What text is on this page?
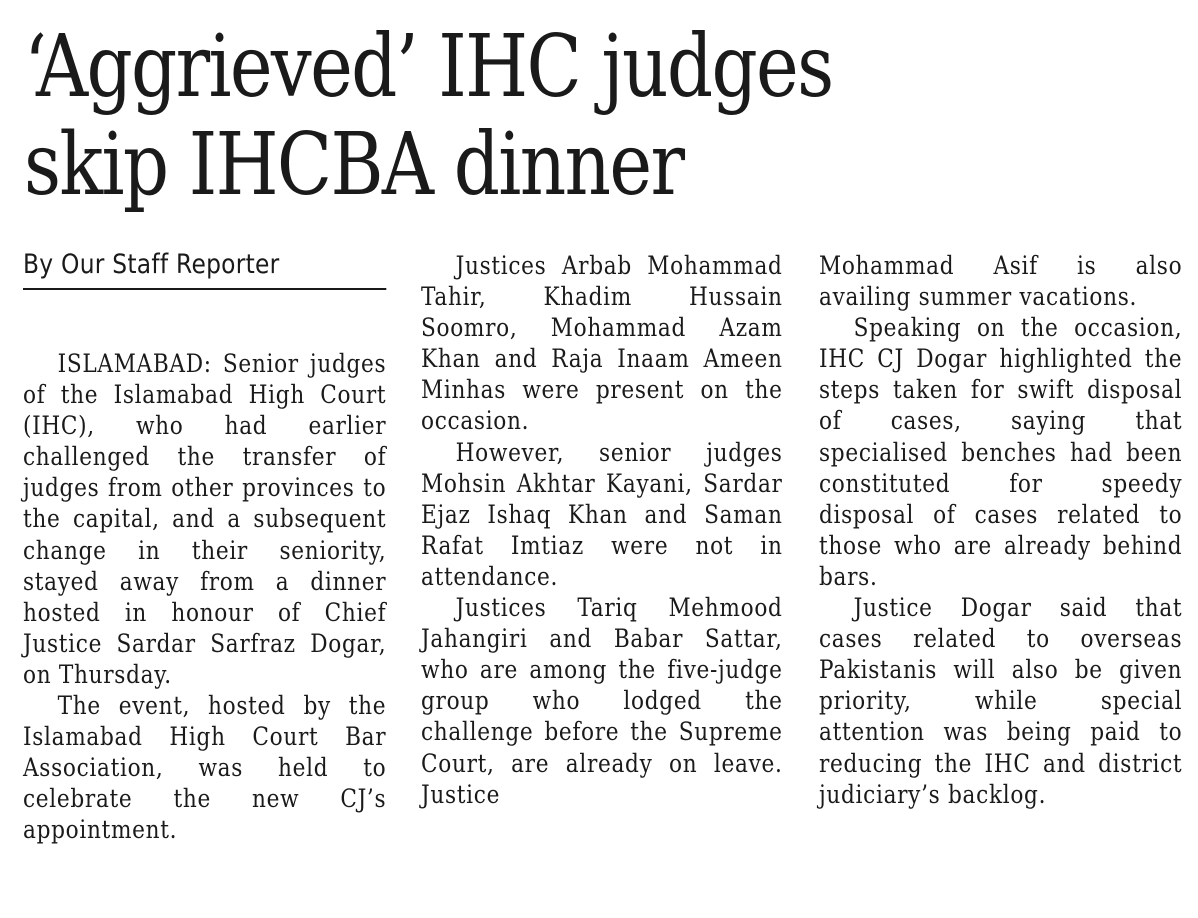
‘Aggrieved’ IHC judges
skip IHCBA dinner
By Our Staff Reporter

ISLAMABAD: Senior judges of the Islamabad High Court (IHC), who had earlier challenged the transfer of judges from other provinces to the capital, and a subsequent change in their seniority, stayed away from a dinner hosted in honour of Chief Justice Sardar Sarfraz Dogar, on Thursday.

The event, hosted by the Islamabad High Court Bar Association, was held to celebrate the new CJ’s appointment.

Justices Arbab Mohammad Tahir, Khadim Hussain Soomro, Mohammad Azam Khan and Raja Inaam Ameen Minhas were present on the occasion.

However, senior judges Mohsin Akhtar Kayani, Sardar Ejaz Ishaq Khan and Saman Rafat Imtiaz were not in attendance.

Justices Tariq Mehmood Jahangiri and Babar Sattar, who are among the five-judge group who lodged the challenge before the Supreme Court, are already on leave. Justice

Mohammad Asif is also availing summer vacations.

Speaking on the occasion, IHC CJ Dogar highlighted the steps taken for swift disposal of cases, saying that specialised benches had been constituted for speedy disposal of cases related to those who are already behind bars.

Justice Dogar said that cases related to overseas Pakistanis will also be given priority, while special attention was being paid to reducing the IHC and district judiciary’s backlog.
